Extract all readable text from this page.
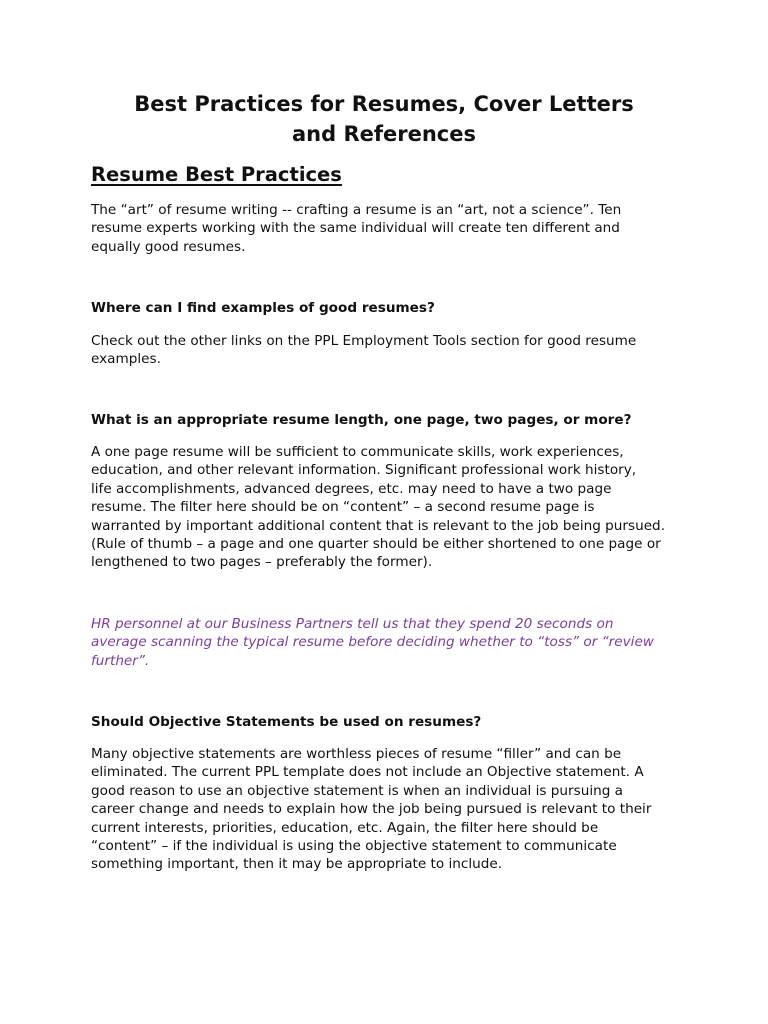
Best Practices for Resumes, Cover Letters
and References
Resume Best Practices

The “art” of resume writing -- crafting a resume is an “art, not a science”. Ten
resume experts working with the same individual will create ten different and
equally good resumes.

Where can I find examples of good resumes?

Check out the other links on the PPL Employment Tools section for good resume
examples.

What is an appropriate resume length, one page, two pages, or more?

A one page resume will be sufficient to communicate skills, work experiences,
education, and other relevant information. Significant professional work history,
life accomplishments, advanced degrees, etc. may need to have a two page
resume. The filter here should be on “content” – a second resume page is
warranted by important additional content that is relevant to the job being pursued.
(Rule of thumb – a page and one quarter should be either shortened to one page or
lengthened to two pages – preferably the former).

HR personnel at our Business Partners tell us that they spend 20 seconds on
average scanning the typical resume before deciding whether to “toss” or “review
further”.

Should Objective Statements be used on resumes?

Many objective statements are worthless pieces of resume “filler” and can be
eliminated. The current PPL template does not include an Objective statement. A
good reason to use an objective statement is when an individual is pursuing a
career change and needs to explain how the job being pursued is relevant to their
current interests, priorities, education, etc. Again, the filter here should be
“content” – if the individual is using the objective statement to communicate
something important, then it may be appropriate to include.
